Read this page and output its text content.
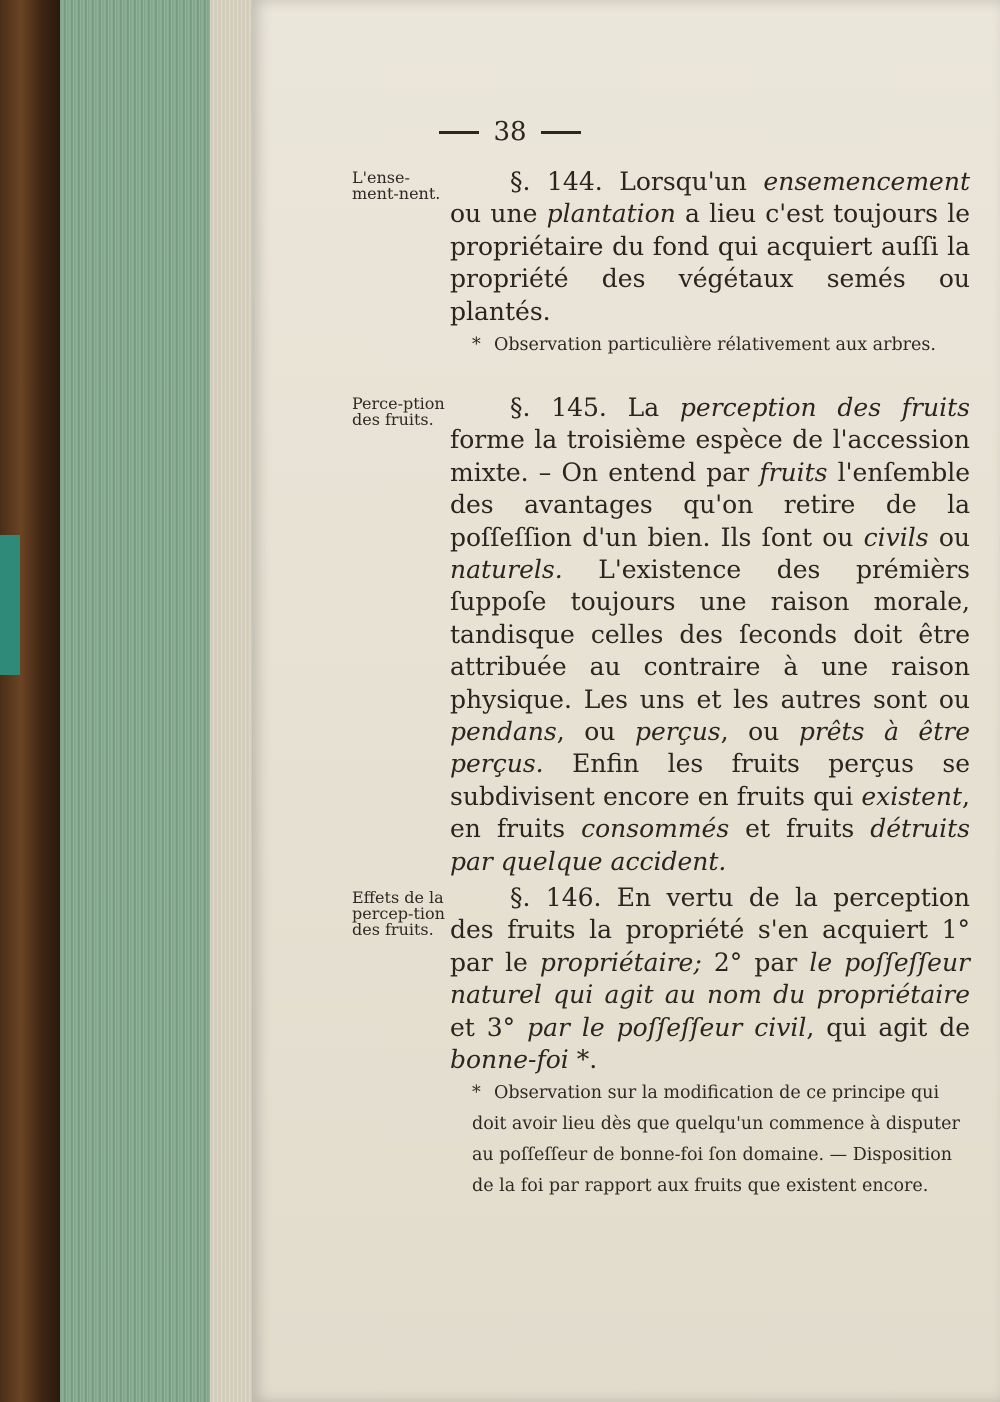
38
L'ense-ment-nent.
Perce-ption des fruits.
Effets de la percep-tion des fruits.

§. 144. Lorsqu'un ensemencement ou une plantation a lieu c'est toujours le propriétaire du fond qui acquiert auſſi la propriété des végétaux semés ou plantés.

* Observation particulière rélativement aux arbres.

§. 145. La perception des fruits forme la troisième espèce de l'accession mixte. – On entend par fruits l'enſemble des avantages qu'on retire de la poſſeſſion d'un bien. Ils ſont ou civils ou naturels. L'existence des prémièrs ſuppoſe toujours une raison morale, tandisque celles des ſeconds doit être attribuée au contraire à une raison physique. Les uns et les autres sont ou pendans, ou perçus, ou prêts à être perçus. Enfin les fruits perçus se subdivisent encore en fruits qui existent, en fruits consommés et fruits détruits par quelque accident.

§. 146. En vertu de la perception des fruits la propriété s'en acquiert 1° par le propriétaire; 2° par le poſſeſſeur naturel qui agit au nom du propriétaire et 3° par le poſſeſſeur civil, qui agit de bonne-foi *.

* Observation sur la modification de ce principe qui doit avoir lieu dès que quelqu'un commence à disputer au poſſeſſeur de bonne-foi ſon domaine. — Disposition de la foi par rapport aux fruits que existent encore.
